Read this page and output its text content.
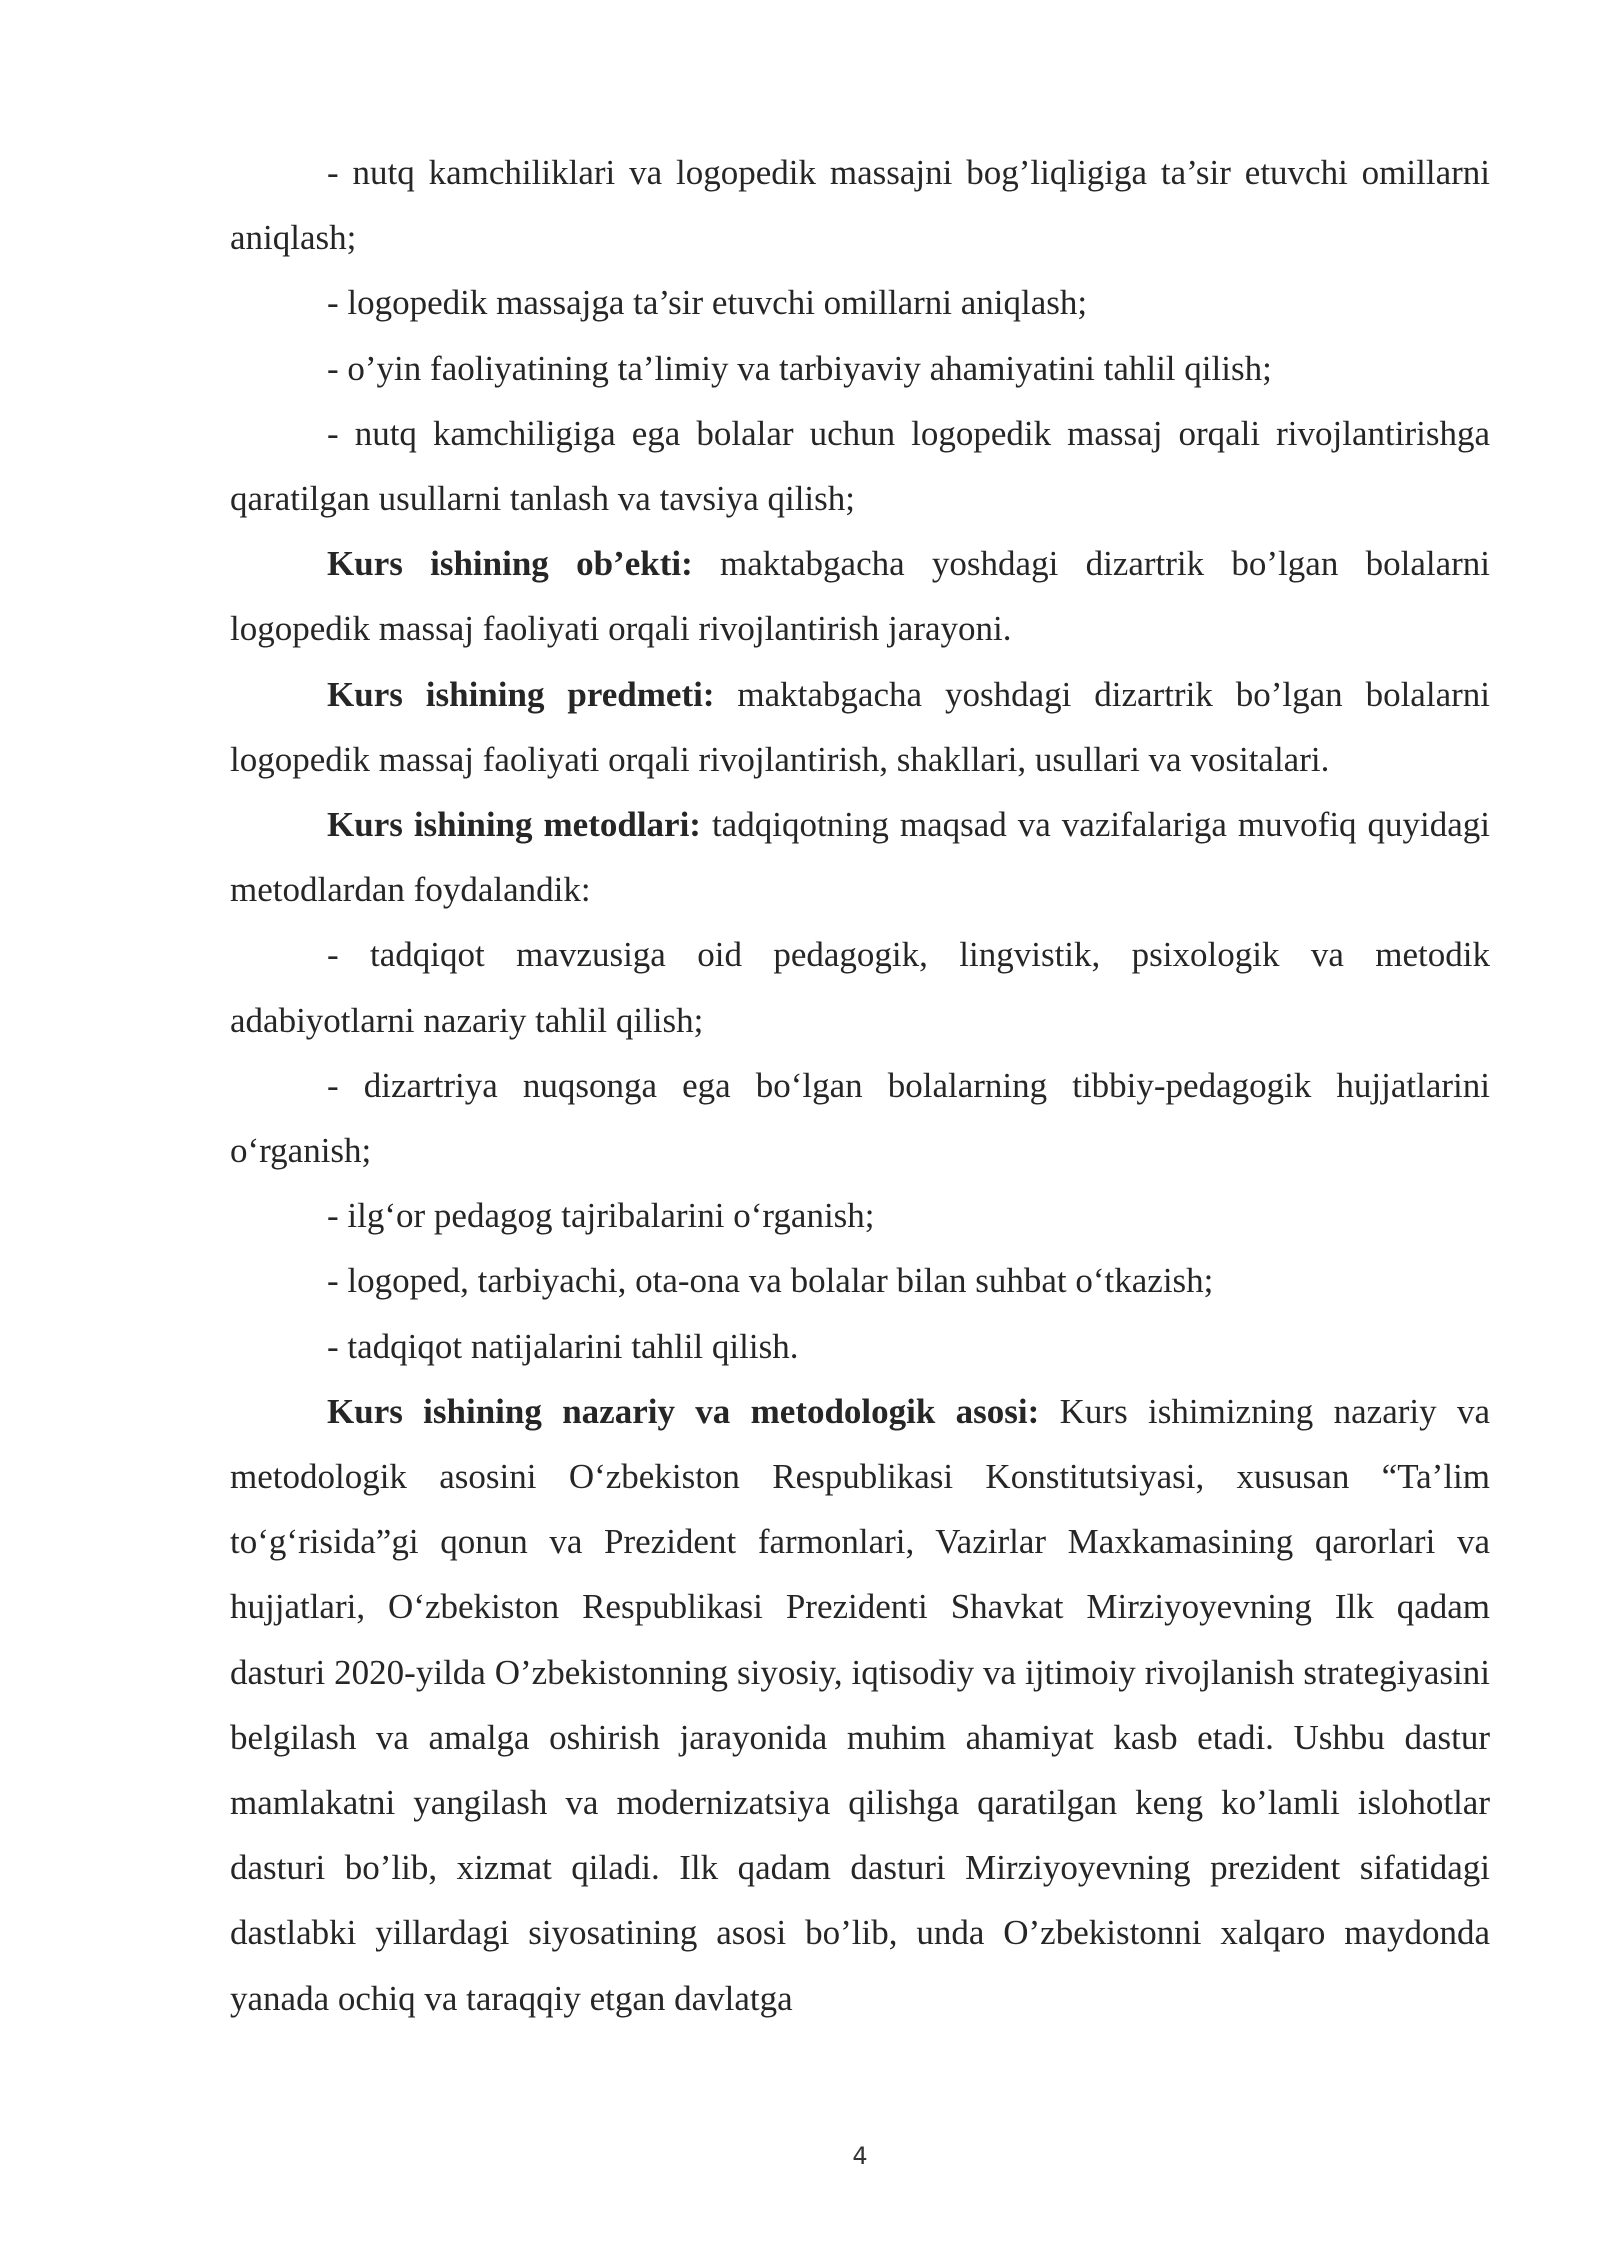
- nutq kamchiliklari va logopedik massajni bog’liqligiga ta’sir etuvchi omillarni aniqlash;

- logopedik massajga ta’sir etuvchi omillarni aniqlash;

- o’yin faoliyatining ta’limiy va tarbiyaviy ahamiyatini tahlil qilish;

- nutq kamchiligiga ega bolalar uchun logopedik massaj orqali rivojlantirishga qaratilgan usullarni tanlash va tavsiya qilish;

Kurs ishining ob’ekti: maktabgacha yoshdagi dizartrik bo’lgan bolalarni logopedik massaj faoliyati orqali rivojlantirish jarayoni.

Kurs ishining predmeti: maktabgacha yoshdagi dizartrik bo’lgan bolalarni logopedik massaj faoliyati orqali rivojlantirish, shakllari, usullari va vositalari.

Kurs ishining metodlari: tadqiqotning maqsad va vazifalariga muvofiq quyidagi metodlardan foydalandik:

- tadqiqot mavzusiga oid pedagogik, lingvistik, psixologik va metodik adabiyotlarni nazariy tahlil qilish;

- dizartriya nuqsonga ega bo‘lgan bolalarning tibbiy-pedagogik hujjatlarini o‘rganish;

- ilg‘or pedagog tajribalarini o‘rganish;

- logoped, tarbiyachi, ota-ona va bolalar bilan suhbat o‘tkazish;

- tadqiqot natijalarini tahlil qilish.

Kurs ishining nazariy va metodologik asosi: Kurs ishimizning nazariy va metodologik asosini O‘zbekiston Respublikasi Konstitutsiyasi, xususan “Ta’lim to‘g‘risida”gi qonun va Prezident farmonlari, Vazirlar Maxkamasining qarorlari va hujjatlari, O‘zbekiston Respublikasi Prezidenti Shavkat Mirziyoyevning Ilk qadam dasturi 2020-yilda O’zbekistonning siyosiy, iqtisodiy va ijtimoiy rivojlanish strategiyasini belgilash va amalga oshirish jarayonida muhim ahamiyat kasb etadi. Ushbu dastur mamlakatni yangilash va modernizatsiya qilishga qaratilgan keng ko’lamli islohotlar dasturi bo’lib, xizmat qiladi. Ilk qadam dasturi Mirziyoyevning prezident sifatidagi dastlabki yillardagi siyosatining asosi bo’lib, unda O’zbekistonni xalqaro maydonda yanada ochiq va taraqqiy etgan davlatga

4
